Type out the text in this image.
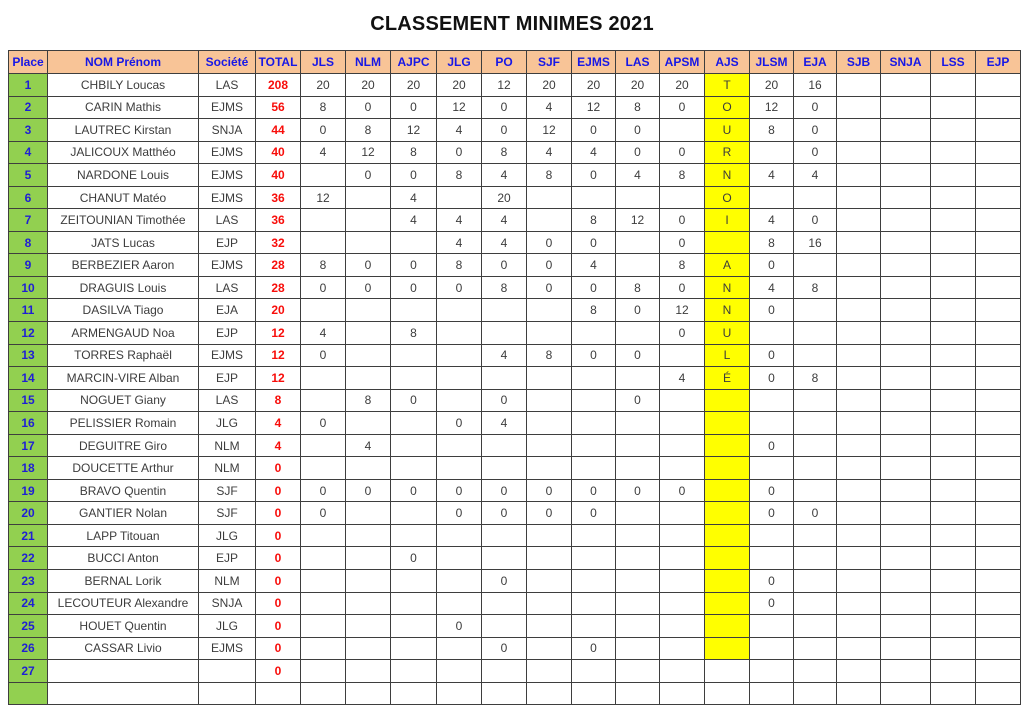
CLASSEMENT MINIMES 2021
Place	NOM Prénom	Société	TOTAL	JLS	NLM	AJPC	JLG	PO	SJF	EJMS	LAS	APSM	AJS	JLSM	EJA	SJB	SNJA	LSS	EJP
1	CHBILY Loucas	LAS	208	20	20	20	20	12	20	20	20	20	T	20	16				
2	CARIN Mathis	EJMS	56	8	0	0	12	0	4	12	8	0	O	12	0				
3	LAUTREC Kirstan	SNJA	44	0	8	12	4	0	12	0	0		U	8	0				
4	JALICOUX Matthéo	EJMS	40	4	12	8	0	8	4	4	0	0	R		0				
5	NARDONE Louis	EJMS	40		0	0	8	4	8	0	4	8	N	4	4				
6	CHANUT Matéo	EJMS	36	12		4		20					O						
7	ZEITOUNIAN Timothée	LAS	36			4	4	4		8	12	0	I	4	0				
8	JATS Lucas	EJP	32				4	4	0	0		0		8	16				
9	BERBEZIER Aaron	EJMS	28	8	0	0	8	0	0	4		8	A	0					
10	DRAGUIS Louis	LAS	28	0	0	0	0	8	0	0	8	0	N	4	8				
11	DASILVA Tiago	EJA	20							8	0	12	N	0					
12	ARMENGAUD Noa	EJP	12	4		8						0	U						
13	TORRES Raphaël	EJMS	12	0				4	8	0	0		L	0					
14	MARCIN-VIRE Alban	EJP	12									4	É	0	8				
15	NOGUET Giany	LAS	8		8	0		0			0								
16	PELISSIER Romain	JLG	4	0			0	4											
17	DEGUITRE Giro	NLM	4		4									0					
18	DOUCETTE Arthur	NLM	0																
19	BRAVO Quentin	SJF	0	0	0	0	0	0	0	0	0	0		0					
20	GANTIER Nolan	SJF	0	0			0	0	0	0				0	0				
21	LAPP Titouan	JLG	0																
22	BUCCI Anton	EJP	0			0													
23	BERNAL Lorik	NLM	0					0						0					
24	LECOUTEUR Alexandre	SNJA	0											0					
25	HOUET Quentin	JLG	0				0												
26	CASSAR Livio	EJMS	0					0		0									
27			0																
